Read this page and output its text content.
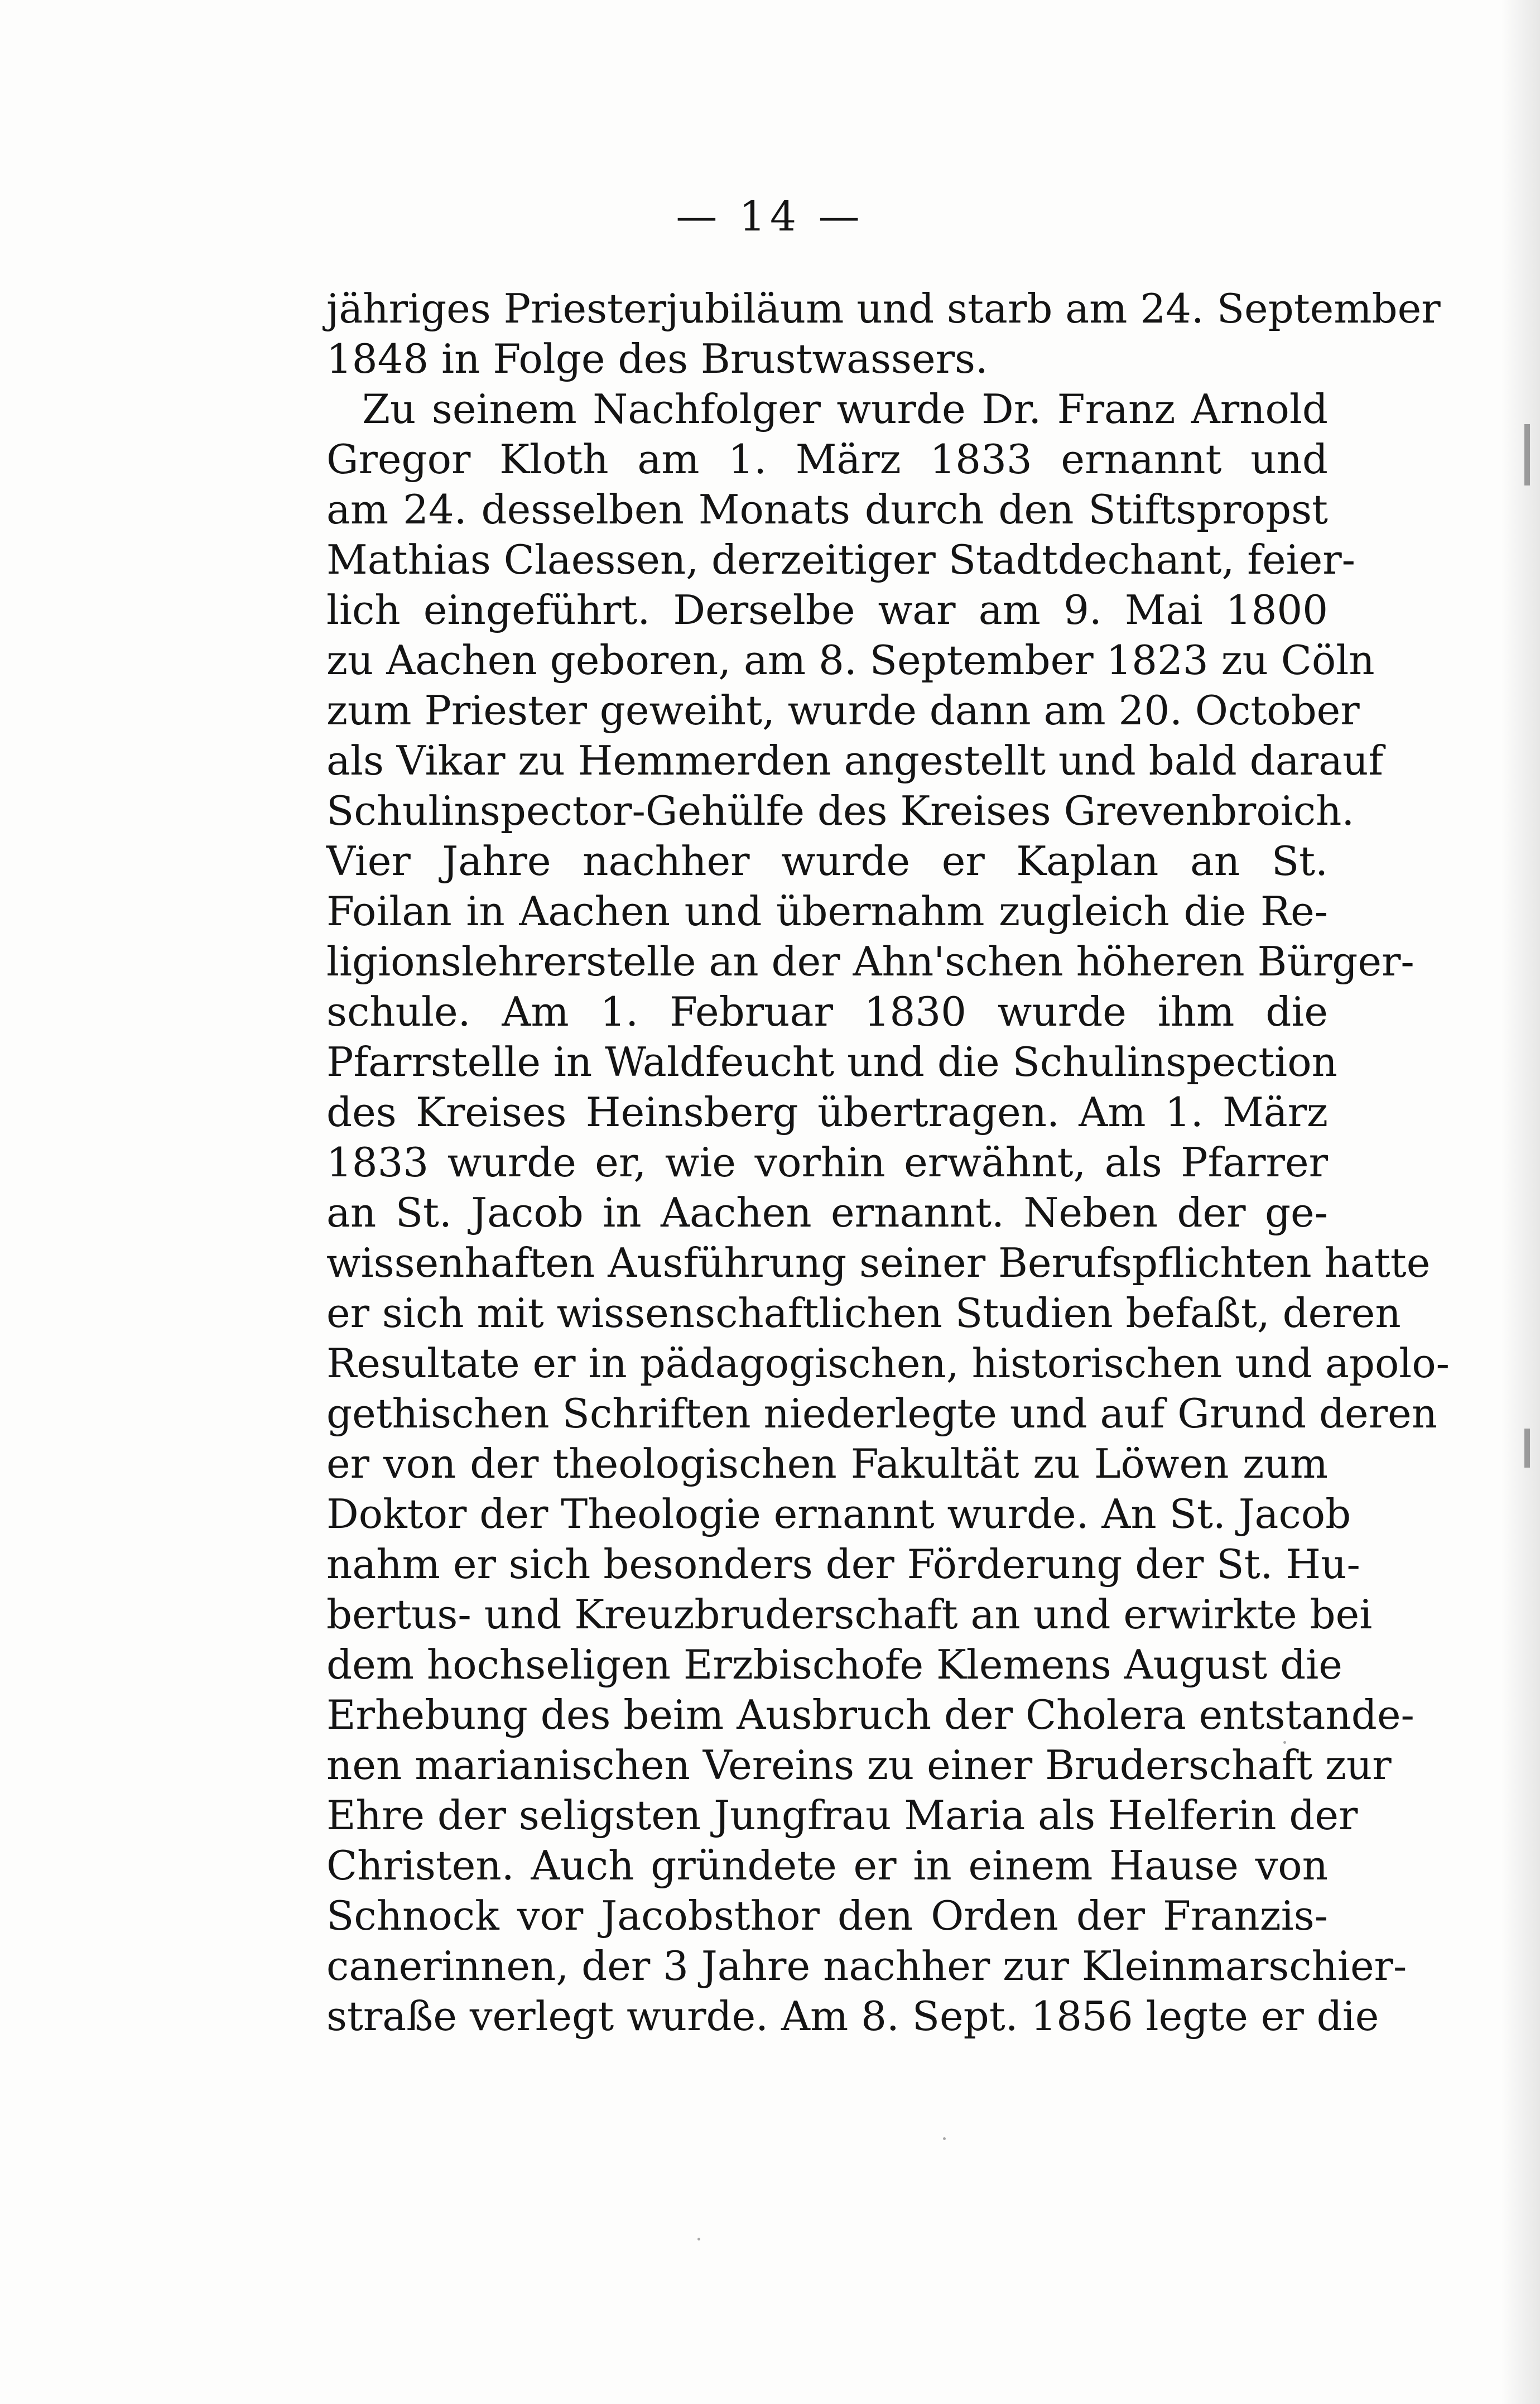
— 14 —
jähriges Priesterjubiläum und starb am 24. September
1848 in Folge des Brustwassers.
Zu seinem Nachfolger wurde Dr. Franz Arnold
Gregor Kloth am 1. März 1833 ernannt und
am 24. desselben Monats durch den Stiftspropst
Mathias Claessen, derzeitiger Stadtdechant, feier-
lich eingeführt. Derselbe war am 9. Mai 1800
zu Aachen geboren, am 8. September 1823 zu Cöln
zum Priester geweiht, wurde dann am 20. October
als Vikar zu Hemmerden angestellt und bald darauf
Schulinspector-Gehülfe des Kreises Grevenbroich.
Vier Jahre nachher wurde er Kaplan an St.
Foilan in Aachen und übernahm zugleich die Re-
ligionslehrerstelle an der Ahn'schen höheren Bürger-
schule. Am 1. Februar 1830 wurde ihm die
Pfarrstelle in Waldfeucht und die Schulinspection
des Kreises Heinsberg übertragen. Am 1. März
1833 wurde er, wie vorhin erwähnt, als Pfarrer
an St. Jacob in Aachen ernannt. Neben der ge-
wissenhaften Ausführung seiner Berufspflichten hatte
er sich mit wissenschaftlichen Studien befaßt, deren
Resultate er in pädagogischen, historischen und apolo-
gethischen Schriften niederlegte und auf Grund deren
er von der theologischen Fakultät zu Löwen zum
Doktor der Theologie ernannt wurde. An St. Jacob
nahm er sich besonders der Förderung der St. Hu-
bertus- und Kreuzbruderschaft an und erwirkte bei
dem hochseligen Erzbischofe Klemens August die
Erhebung des beim Ausbruch der Cholera entstande-
nen marianischen Vereins zu einer Bruderschaft zur
Ehre der seligsten Jungfrau Maria als Helferin der
Christen. Auch gründete er in einem Hause von
Schnock vor Jacobsthor den Orden der Franzis-
canerinnen, der 3 Jahre nachher zur Kleinmarschier-
straße verlegt wurde. Am 8. Sept. 1856 legte er die
